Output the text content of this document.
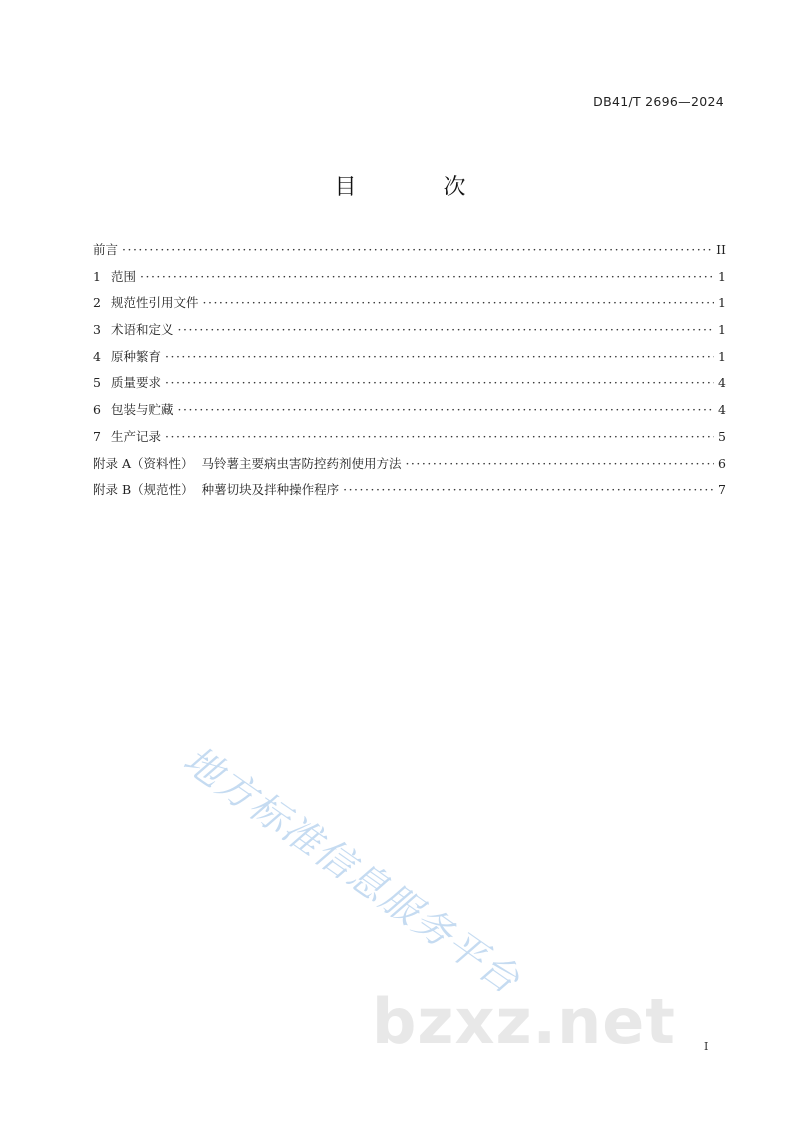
DB41/T 2696—2024
目 次
前言 ·····	II
1 范围 ·····	1
2 规范性引用文件 ·····	1
3 术语和定义 ·····	1
4 原种繁育 ·····	1
5 质量要求 ·····	4
6 包装与贮藏 ·····	4
7 生产记录 ·····	5
附录 A（资料性）  马铃薯主要病虫害防控药剂使用方法 ·····	6
附录 B（规范性）  种薯切块及拌种操作程序 ·····	7
地方标准信息服务平台
bzxz.net	I
